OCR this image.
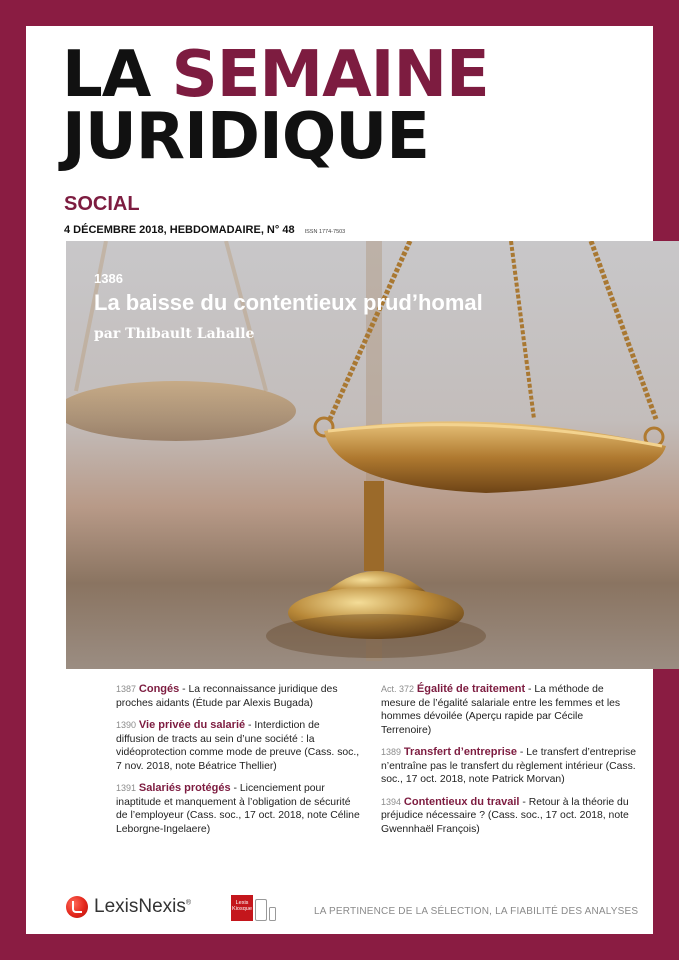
LA SEMAINE
JURIDIQUE
SOCIAL
4 DÉCEMBRE 2018, HEBDOMADAIRE, N° 48 ISSN 1774-7503
1387 Congés - La reconnaissance juridique des proches aidants (Étude par Alexis Bugada)
1390 Vie privée du salarié - Interdiction de diffusion de tracts au sein d’une société : la vidéoprotection comme mode de preuve (Cass. soc., 7 nov. 2018, note Béatrice Thellier)
1391 Salariés protégés - Licenciement pour inaptitude et manquement à l’obligation de sécurité de l’employeur (Cass. soc., 17 oct. 2018, note Céline Leborgne-Ingelaere)
Act. 372 Égalité de traitement - La méthode de mesure de l’égalité salariale entre les femmes et les hommes dévoilée (Aperçu rapide par Cécile Terrenoire)
1389 Transfert d’entreprise - Le transfert d’entreprise n’entraîne pas le transfert du règlement intérieur (Cass. soc., 17 oct. 2018, note Patrick Morvan)
1394 Contentieux du travail - Retour à la théorie du préjudice nécessaire ? (Cass. soc., 17 oct. 2018, note Gwennhaël François)
LexisNexis®	Lexis
Kiosque	LA PERTINENCE DE LA SÉLECTION, LA FIABILITÉ DES ANALYSES
1386
La baisse du contentieux prud’homal
par Thibault Lahalle
